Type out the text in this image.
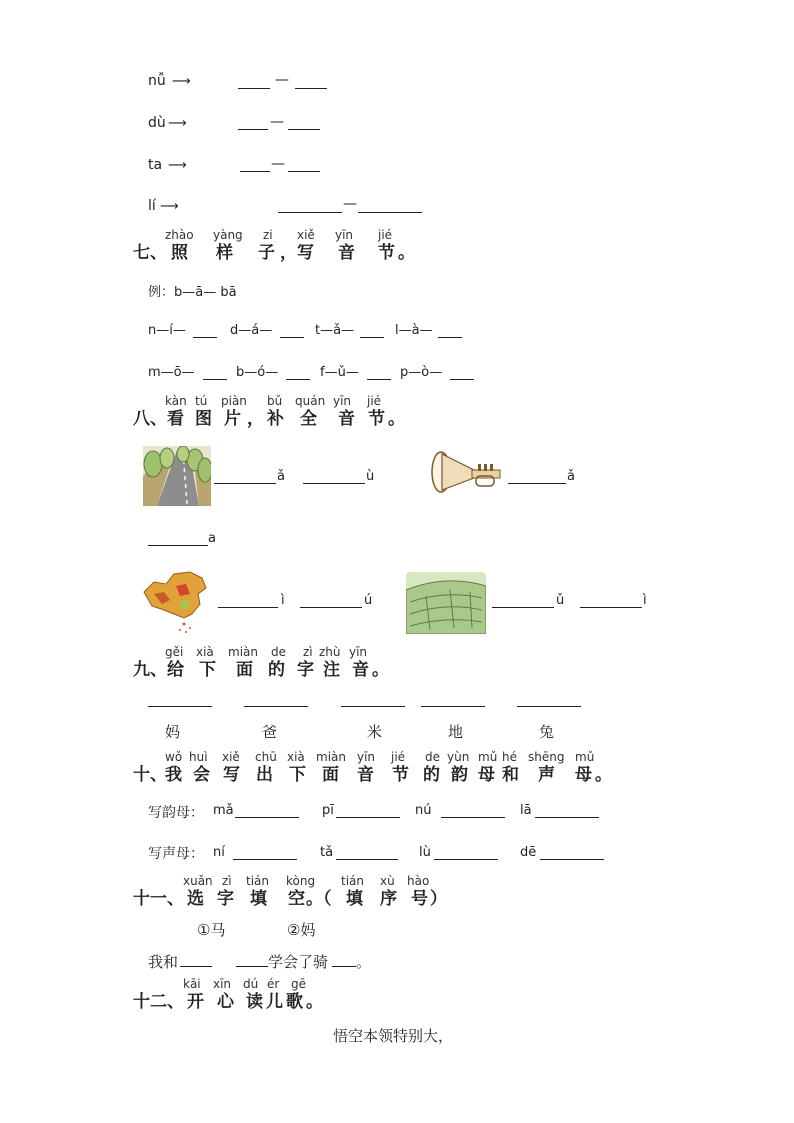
nǚ ⟶	—
dù ⟶	—
ta ⟶	—
lí ⟶	—
七、
zhào
照
yàng
样
zi
子 ，
xiě
写
yīn
音
jié
节 。
例：b—ā— bā
n—í—	d—á—	t—ǎ—	l—à—
m—ō—	b—ó—	f—ǔ—	p—ò—
八、
kàn
看
tú
图
piàn
片 ，
bǔ
补
quán
全
yīn
音
jié
节 。
ǎ	ù	ǎ
a
ì	ú	ǔ	ì
九、
gěi
给
xià
下
miàn
面
de
的
zì
字
zhù
注
yīn
音 。
妈	爸	米	地	兔
十、
wǒ
我
huì
会
xiě
写
chū
出
xià
下
miàn
面
yīn
音
jié
节
de
的
yùn
韵
mǔ
母
hé
和
shēng
声
mǔ
母 。
写韵母： mǎ	pī	nú	lā
写声母： ní	tǎ	lù	dē
十一、
xuǎn
选
zì
字
tián
填
kòng
空 。（
tián
填
xù
序
hào
号 ）
①马	②妈
我和	学会了骑 。
十二、
kāi
开
xīn
心
dú
读
ér
儿
gē
歌 。
悟空本领特别大，
